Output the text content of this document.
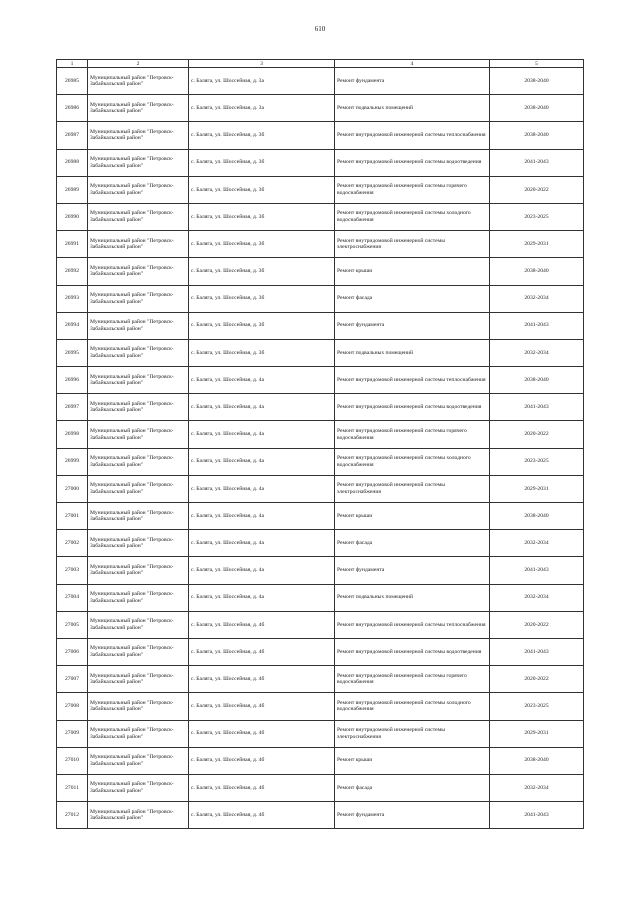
610
1	2	3	4	5
26985	Муниципальный район "Петровск-Забайкальский район"	с. Баляга, ул. Шоссейная, д. 3а	Ремонт фундамента	2038-2040
26986	Муниципальный район "Петровск-Забайкальский район"	с. Баляга, ул. Шоссейная, д. 3а	Ремонт подвальных помещений	2038-2040
26987	Муниципальный район "Петровск-Забайкальский район"	с. Баляга, ул. Шоссейная, д. 3б	Ремонт внутридомовой инженерной системы теплоснабжения	2038-2040
26988	Муниципальный район "Петровск-Забайкальский район"	с. Баляга, ул. Шоссейная, д. 3б	Ремонт внутридомовой инженерной системы водоотведения	2041-2043
26989	Муниципальный район "Петровск-Забайкальский район"	с. Баляга, ул. Шоссейная, д. 3б	Ремонт внутридомовой инженерной системы горячего водоснабжения	2020-2022
26990	Муниципальный район "Петровск-Забайкальский район"	с. Баляга, ул. Шоссейная, д. 3б	Ремонт внутридомовой инженерной системы холодного водоснабжения	2023-2025
26991	Муниципальный район "Петровск-Забайкальский район"	с. Баляга, ул. Шоссейная, д. 3б	Ремонт внутридомовой инженерной системы электроснабжения	2029-2031
26992	Муниципальный район "Петровск-Забайкальский район"	с. Баляга, ул. Шоссейная, д. 3б	Ремонт крыши	2038-2040
26993	Муниципальный район "Петровск-Забайкальский район"	с. Баляга, ул. Шоссейная, д. 3б	Ремонт фасада	2032-2034
26994	Муниципальный район "Петровск-Забайкальский район"	с. Баляга, ул. Шоссейная, д. 3б	Ремонт фундамента	2041-2043
26995	Муниципальный район "Петровск-Забайкальский район"	с. Баляга, ул. Шоссейная, д. 3б	Ремонт подвальных помещений	2032-2034
26996	Муниципальный район "Петровск-Забайкальский район"	с. Баляга, ул. Шоссейная, д. 4а	Ремонт внутридомовой инженерной системы теплоснабжения	2038-2040
26997	Муниципальный район "Петровск-Забайкальский район"	с. Баляга, ул. Шоссейная, д. 4а	Ремонт внутридомовой инженерной системы водоотведения	2041-2043
26998	Муниципальный район "Петровск-Забайкальский район"	с. Баляга, ул. Шоссейная, д. 4а	Ремонт внутридомовой инженерной системы горячего водоснабжения	2020-2022
26999	Муниципальный район "Петровск-Забайкальский район"	с. Баляга, ул. Шоссейная, д. 4а	Ремонт внутридомовой инженерной системы холодного водоснабжения	2023-2025
27000	Муниципальный район "Петровск-Забайкальский район"	с. Баляга, ул. Шоссейная, д. 4а	Ремонт внутридомовой инженерной системы электроснабжения	2029-2031
27001	Муниципальный район "Петровск-Забайкальский район"	с. Баляга, ул. Шоссейная, д. 4а	Ремонт крыши	2038-2040
27002	Муниципальный район "Петровск-Забайкальский район"	с. Баляга, ул. Шоссейная, д. 4а	Ремонт фасада	2032-2034
27003	Муниципальный район "Петровск-Забайкальский район"	с. Баляга, ул. Шоссейная, д. 4а	Ремонт фундамента	2041-2043
27004	Муниципальный район "Петровск-Забайкальский район"	с. Баляга, ул. Шоссейная, д. 4а	Ремонт подвальных помещений	2032-2034
27005	Муниципальный район "Петровск-Забайкальский район"	с. Баляга, ул. Шоссейная, д. 4б	Ремонт внутридомовой инженерной системы теплоснабжения	2020-2022
27006	Муниципальный район "Петровск-Забайкальский район"	с. Баляга, ул. Шоссейная, д. 4б	Ремонт внутридомовой инженерной системы водоотведения	2041-2043
27007	Муниципальный район "Петровск-Забайкальский район"	с. Баляга, ул. Шоссейная, д. 4б	Ремонт внутридомовой инженерной системы горячего водоснабжения	2020-2022
27008	Муниципальный район "Петровск-Забайкальский район"	с. Баляга, ул. Шоссейная, д. 4б	Ремонт внутридомовой инженерной системы холодного водоснабжения	2023-2025
27009	Муниципальный район "Петровск-Забайкальский район"	с. Баляга, ул. Шоссейная, д. 4б	Ремонт внутридомовой инженерной системы электроснабжения	2029-2031
27010	Муниципальный район "Петровск-Забайкальский район"	с. Баляга, ул. Шоссейная, д. 4б	Ремонт крыши	2038-2040
27011	Муниципальный район "Петровск-Забайкальский район"	с. Баляга, ул. Шоссейная, д. 4б	Ремонт фасада	2032-2034
27012	Муниципальный район "Петровск-Забайкальский район"	с. Баляга, ул. Шоссейная, д. 4б	Ремонт фундамента	2041-2043
